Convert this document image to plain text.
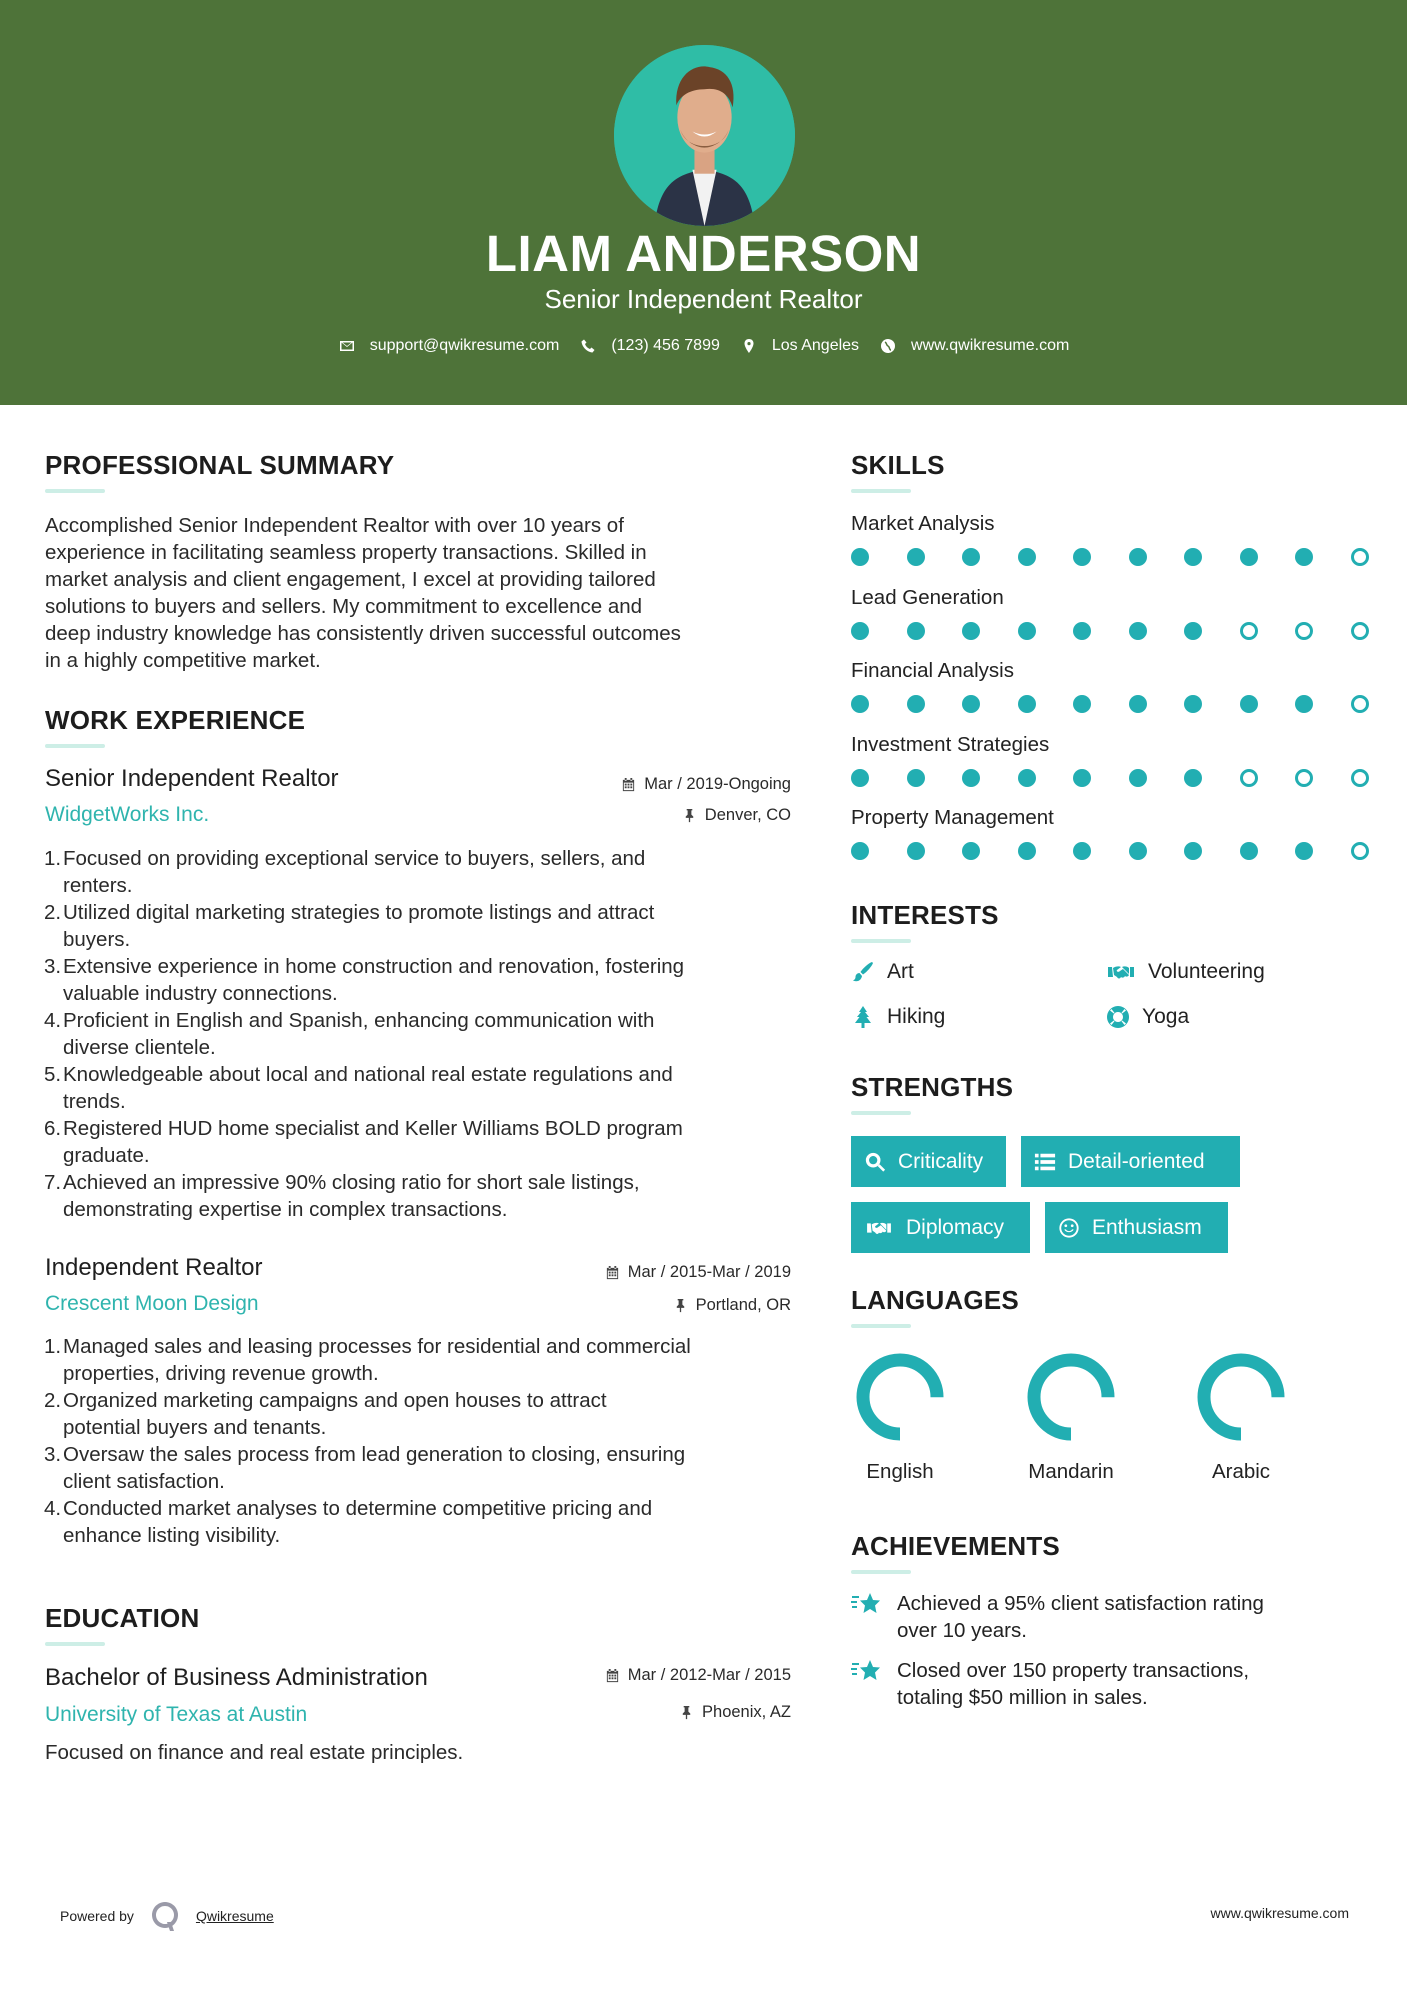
LIAM ANDERSON
Senior Independent Realtor
support@qwikresume.com	(123) 456 7899	Los Angeles	www.qwikresume.com
PROFESSIONAL SUMMARY
Accomplished Senior Independent Realtor with over 10 years of
experience in facilitating seamless property transactions. Skilled in
market analysis and client engagement, I excel at providing tailored
solutions to buyers and sellers. My commitment to excellence and
deep industry knowledge has consistently driven successful outcomes
in a highly competitive market.
WORK EXPERIENCE
Senior Independent Realtor	Mar / 2019-Ongoing
WidgetWorks Inc.	Denver, CO
1. Focused on providing exceptional service to buyers, sellers, and
renters.
2. Utilized digital marketing strategies to promote listings and attract
buyers.
3. Extensive experience in home construction and renovation, fostering
valuable industry connections.
4. Proficient in English and Spanish, enhancing communication with
diverse clientele.
5. Knowledgeable about local and national real estate regulations and
trends.
6. Registered HUD home specialist and Keller Williams BOLD program
graduate.
7. Achieved an impressive 90% closing ratio for short sale listings,
demonstrating expertise in complex transactions.
Independent Realtor	Mar / 2015-Mar / 2019
Crescent Moon Design	Portland, OR
1. Managed sales and leasing processes for residential and commercial
properties, driving revenue growth.
2. Organized marketing campaigns and open houses to attract
potential buyers and tenants.
3. Oversaw the sales process from lead generation to closing, ensuring
client satisfaction.
4. Conducted market analyses to determine competitive pricing and
enhance listing visibility.
EDUCATION
Bachelor of Business Administration	Mar / 2012-Mar / 2015
University of Texas at Austin	Phoenix, AZ
Focused on finance and real estate principles.
SKILLS
Market Analysis
Lead Generation
Financial Analysis
Investment Strategies
Property Management
INTERESTS
Art	Volunteering
Hiking	Yoga
STRENGTHS
Criticality	Detail-oriented
Diplomacy	Enthusiasm
LANGUAGES
English	Mandarin	Arabic
ACHIEVEMENTS
Achieved a 95% client satisfaction rating
over 10 years.
Closed over 150 property transactions,
totaling $50 million in sales.
Powered by	Qwikresume	www.qwikresume.com
